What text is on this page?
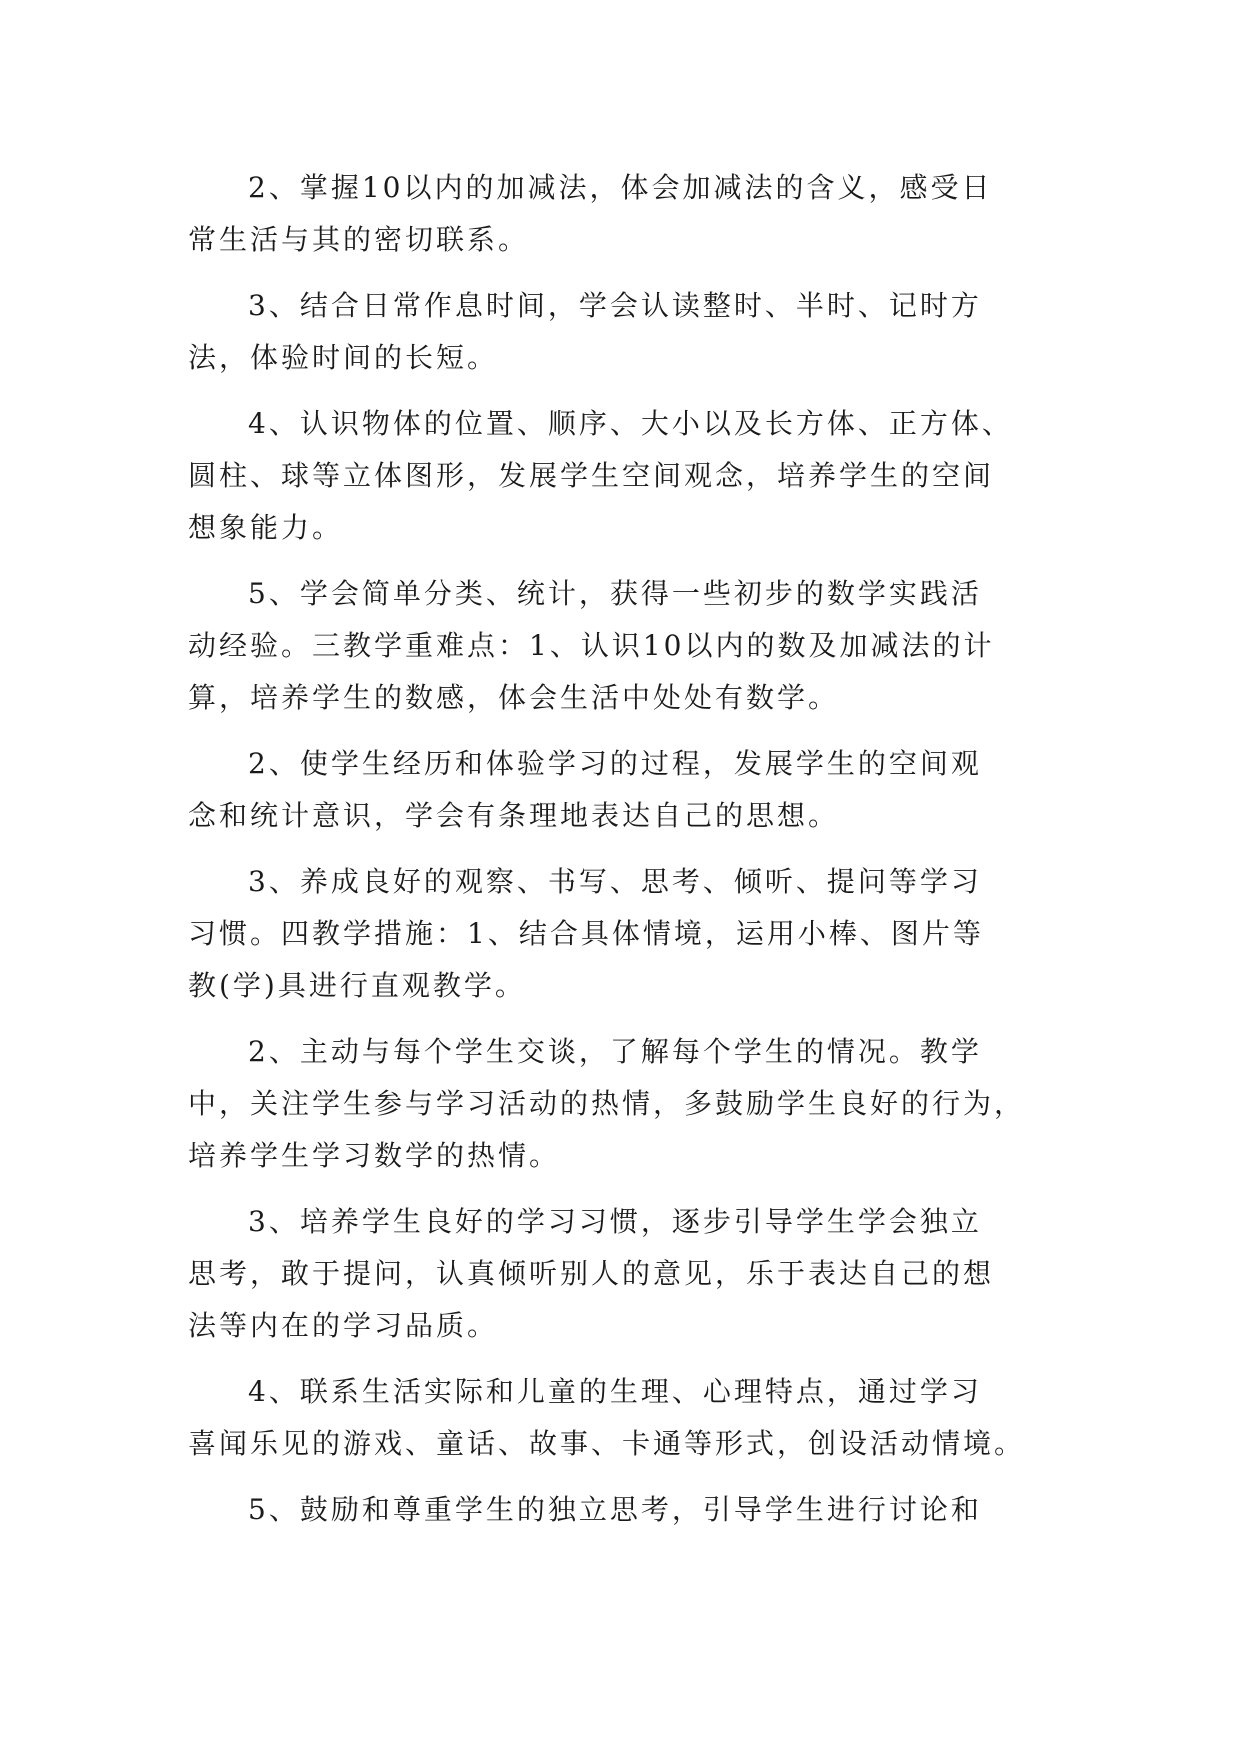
2、掌握10以内的加减法，体会加减法的含义，感受日
常生活与其的密切联系。
3、结合日常作息时间，学会认读整时、半时、记时方
法，体验时间的长短。
4、认识物体的位置、顺序、大小以及长方体、正方体、
圆柱、球等立体图形，发展学生空间观念，培养学生的空间
想象能力。
5、学会简单分类、统计，获得一些初步的数学实践活
动经验。三教学重难点：1、认识10以内的数及加减法的计
算，培养学生的数感，体会生活中处处有数学。
2、使学生经历和体验学习的过程，发展学生的空间观
念和统计意识，学会有条理地表达自己的思想。
3、养成良好的观察、书写、思考、倾听、提问等学习
习惯。四教学措施：1、结合具体情境，运用小棒、图片等
教(学)具进行直观教学。
2、主动与每个学生交谈，了解每个学生的情况。教学
中，关注学生参与学习活动的热情，多鼓励学生良好的行为，
培养学生学习数学的热情。
3、培养学生良好的学习习惯，逐步引导学生学会独立
思考，敢于提问，认真倾听别人的意见，乐于表达自己的想
法等内在的学习品质。
4、联系生活实际和儿童的生理、心理特点，通过学习
喜闻乐见的游戏、童话、故事、卡通等形式，创设活动情境。
5、鼓励和尊重学生的独立思考，引导学生进行讨论和
